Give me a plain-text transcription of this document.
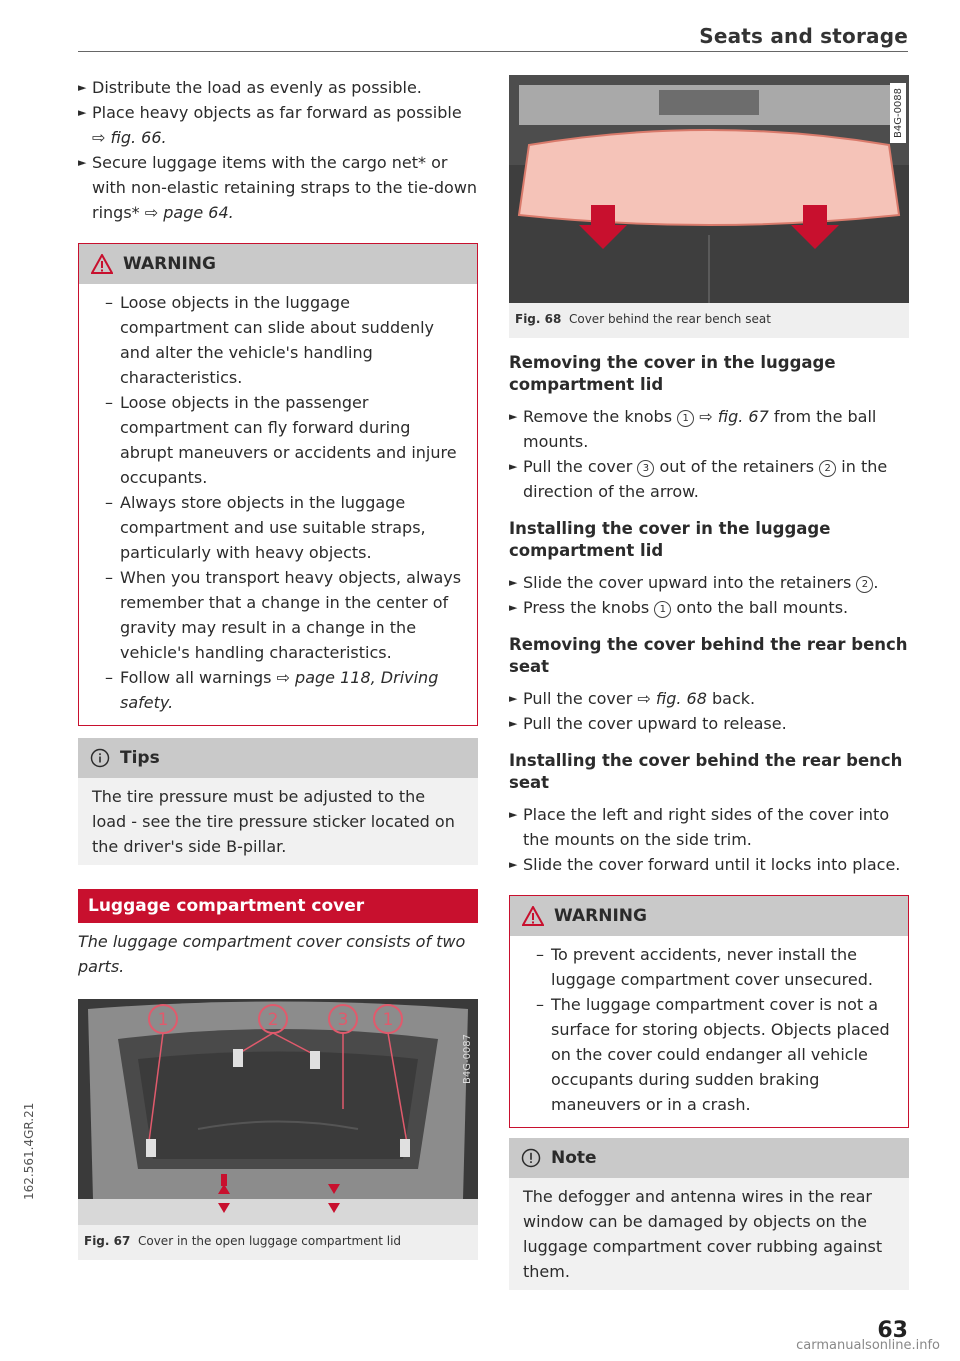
Seats and storage
► Distribute the load as evenly as possible.
► Place heavy objects as far forward as possible ⇨ fig. 66.
► Secure luggage items with the cargo net* or with non-elastic retaining straps to the tie-down rings* ⇨ page 64.
WARNING
– Loose objects in the luggage compartment can slide about suddenly and alter the vehicle's handling characteristics.
– Loose objects in the passenger compartment can fly forward during abrupt maneuvers or accidents and injure occupants.
– Always store objects in the luggage compartment and use suitable straps, particularly with heavy objects.
– When you transport heavy objects, always remember that a change in the center of gravity may result in a change in the vehicle's handling characteristics.
– Follow all warnings ⇨ page 118, Driving safety.
Tips
The tire pressure must be adjusted to the load - see the tire pressure sticker located on the driver's side B-pillar.
Luggage compartment cover
The luggage compartment cover consists of two parts.
1	2	3 1
B4G-0087
Fig. 67 Cover in the open luggage compartment lid
B4G-0088
Fig. 68 Cover behind the rear bench seat
Removing the cover in the luggage compartment lid
► Remove the knobs 1 ⇨ fig. 67 from the ball mounts.
► Pull the cover 3 out of the retainers 2 in the direction of the arrow.
Installing the cover in the luggage compartment lid
► Slide the cover upward into the retainers 2 .
► Press the knobs 1 onto the ball mounts.
Removing the cover behind the rear bench seat
► Pull the cover ⇨ fig. 68 back.
► Pull the cover upward to release.
Installing the cover behind the rear bench seat
► Place the left and right sides of the cover into the mounts on the side trim.
► Slide the cover forward until it locks into place.
WARNING
– To prevent accidents, never install the luggage compartment cover unsecured.
– The luggage compartment cover is not a surface for storing objects. Objects placed on the cover could endanger all vehicle occupants during sudden braking maneuvers or in a crash.
Note
The defogger and antenna wires in the rear window can be damaged by objects on the luggage compartment cover rubbing against them.
63
162.561.4GR.21
carmanualsonline.info
